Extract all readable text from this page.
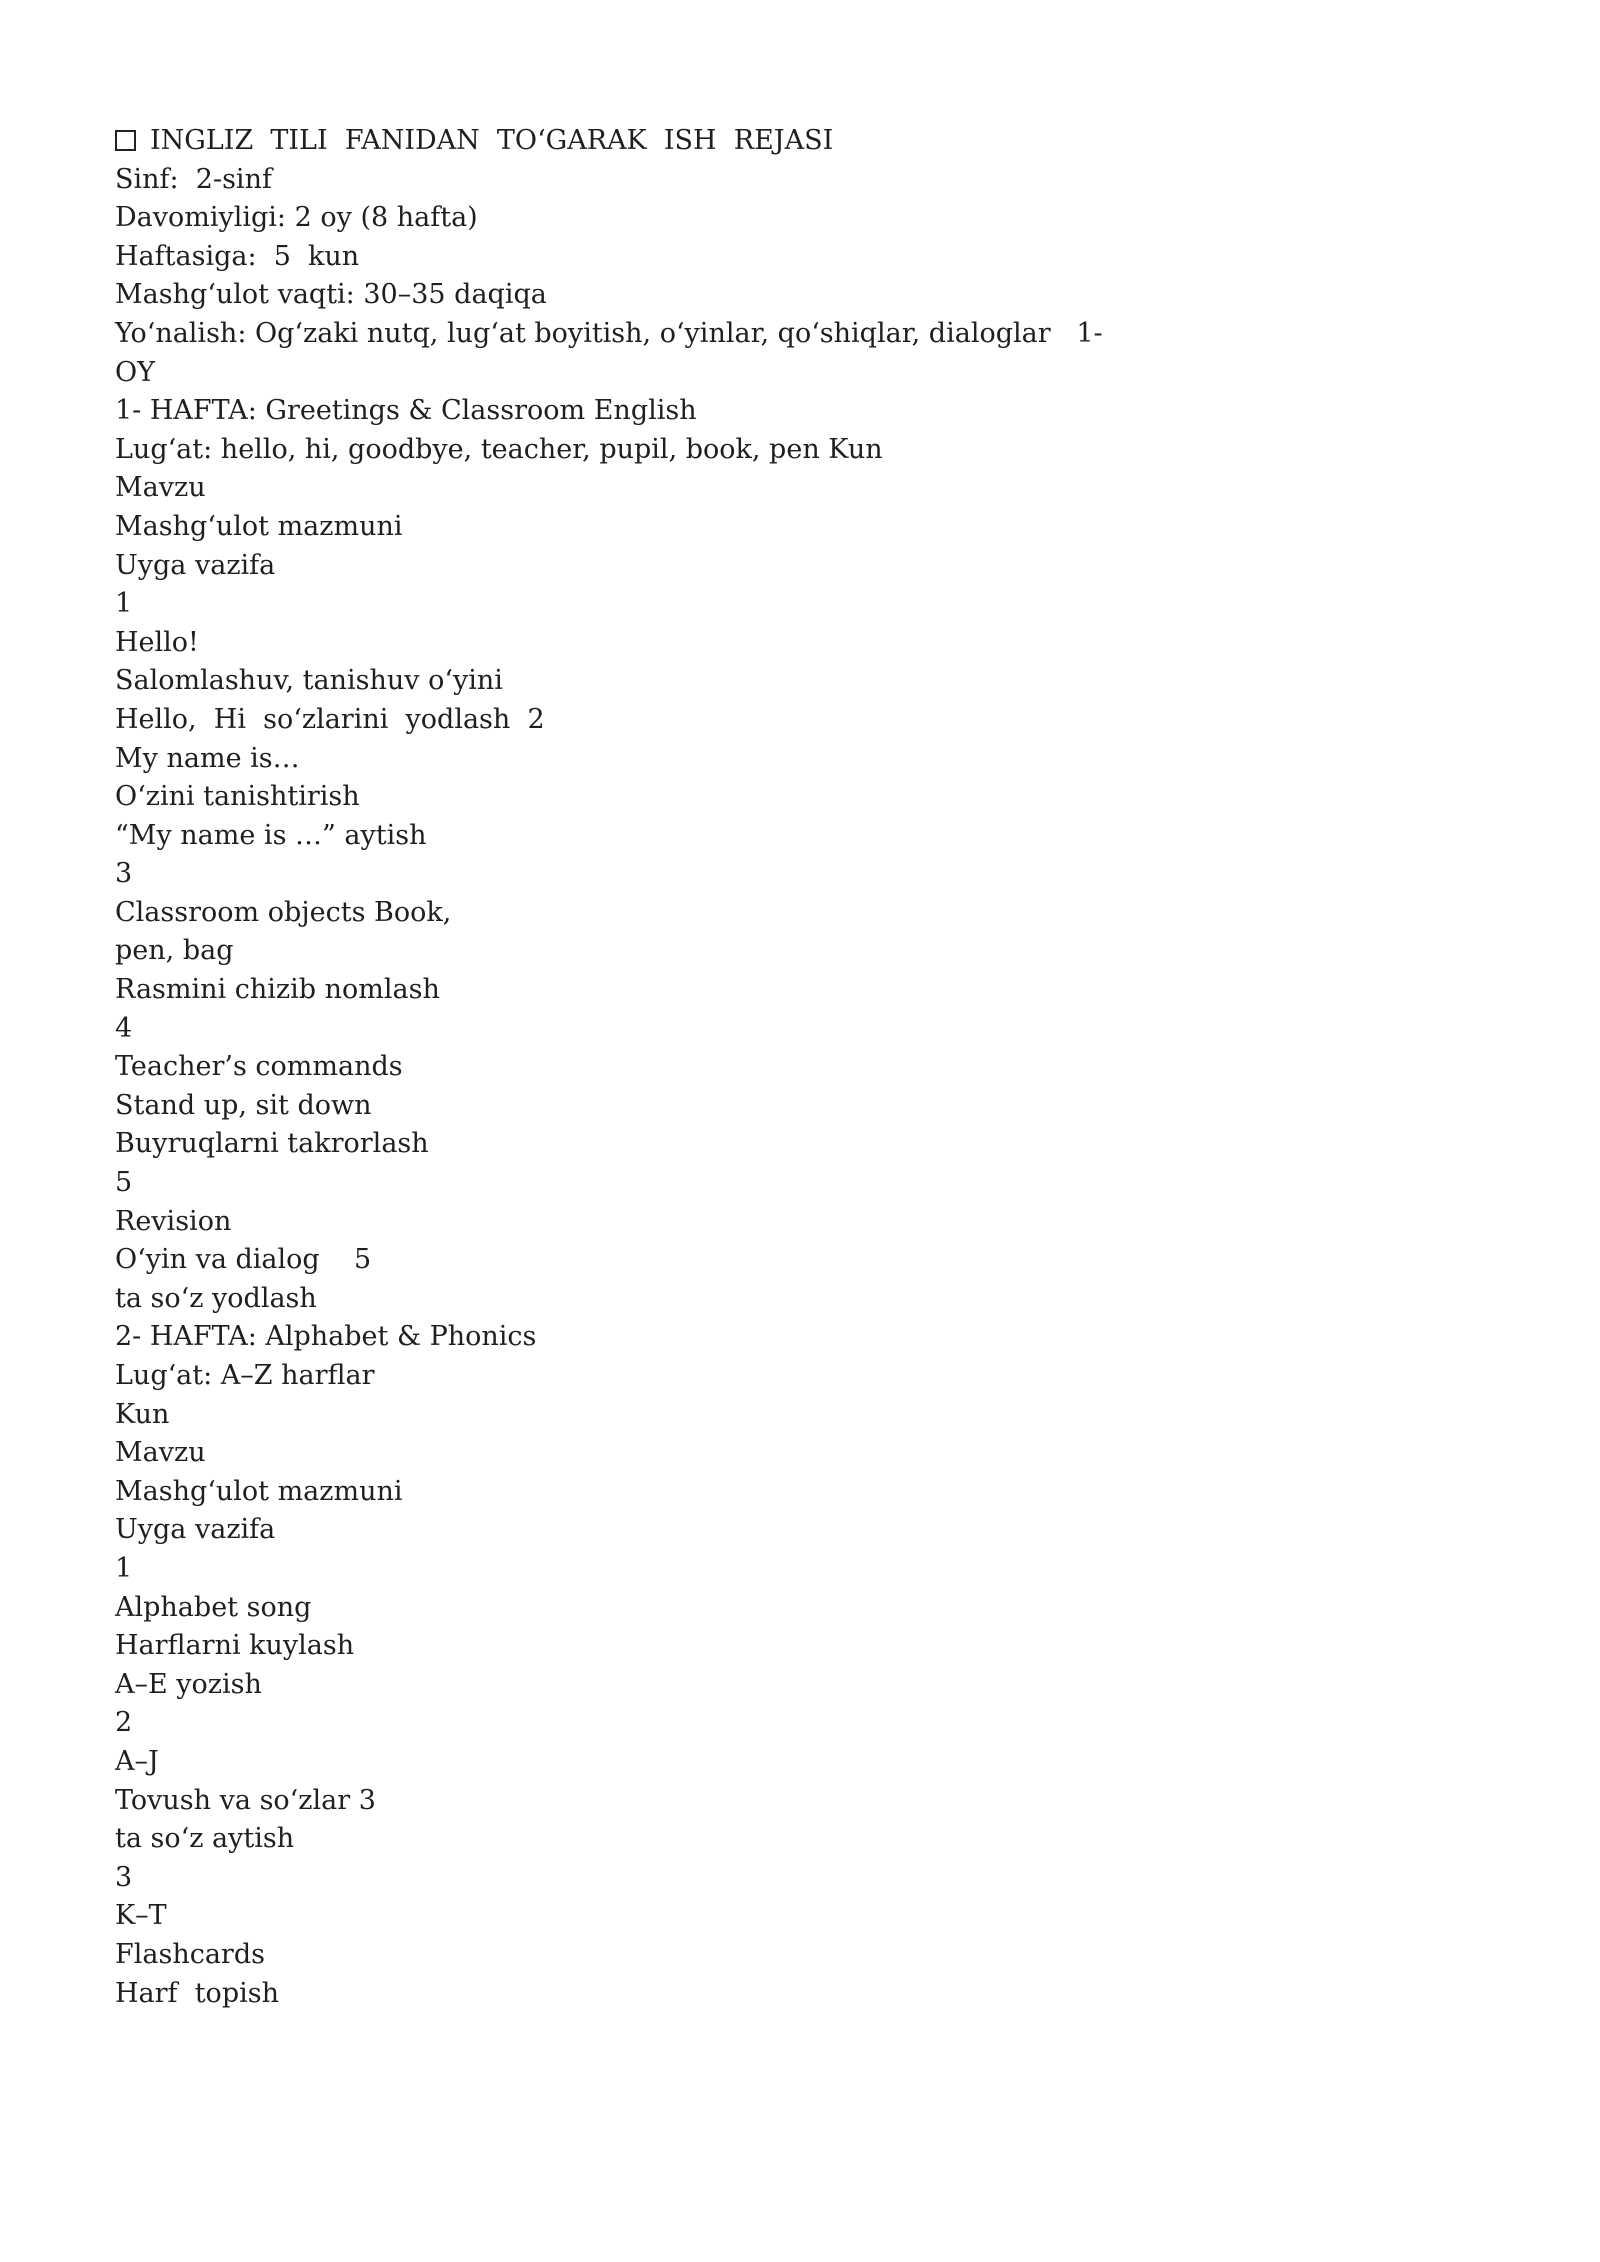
INGLIZ  TILI  FANIDAN  TO‘GARAK  ISH  REJASI
Sinf:  2-sinf
Davomiyligi: 2 oy (8 hafta)
Haftasiga:  5  kun
Mashg‘ulot vaqti: 30–35 daqiqa
Yo‘nalish: Og‘zaki nutq, lug‘at boyitish, o‘yinlar, qo‘shiqlar, dialoglar   1-
OY
1- HAFTA: Greetings & Classroom English
Lug‘at: hello, hi, goodbye, teacher, pupil, book, pen Kun
Mavzu
Mashg‘ulot mazmuni
Uyga vazifa
1
Hello!
Salomlashuv, tanishuv o‘yini
Hello,  Hi  so‘zlarini  yodlash  2
My name is…
O‘zini tanishtirish
“My name is …” aytish
3
Classroom objects Book,
pen, bag
Rasmini chizib nomlash
4
Teacher’s commands
Stand up, sit down
Buyruqlarni takrorlash
5
Revision
O‘yin va dialog    5
ta so‘z yodlash
2- HAFTA: Alphabet & Phonics
Lug‘at: A–Z harflar
Kun
Mavzu
Mashg‘ulot mazmuni
Uyga vazifa
1
Alphabet song
Harflarni kuylash
A–E yozish
2
A–J
Tovush va so‘zlar 3
ta so‘z aytish
3
K–T
Flashcards
Harf  topish
